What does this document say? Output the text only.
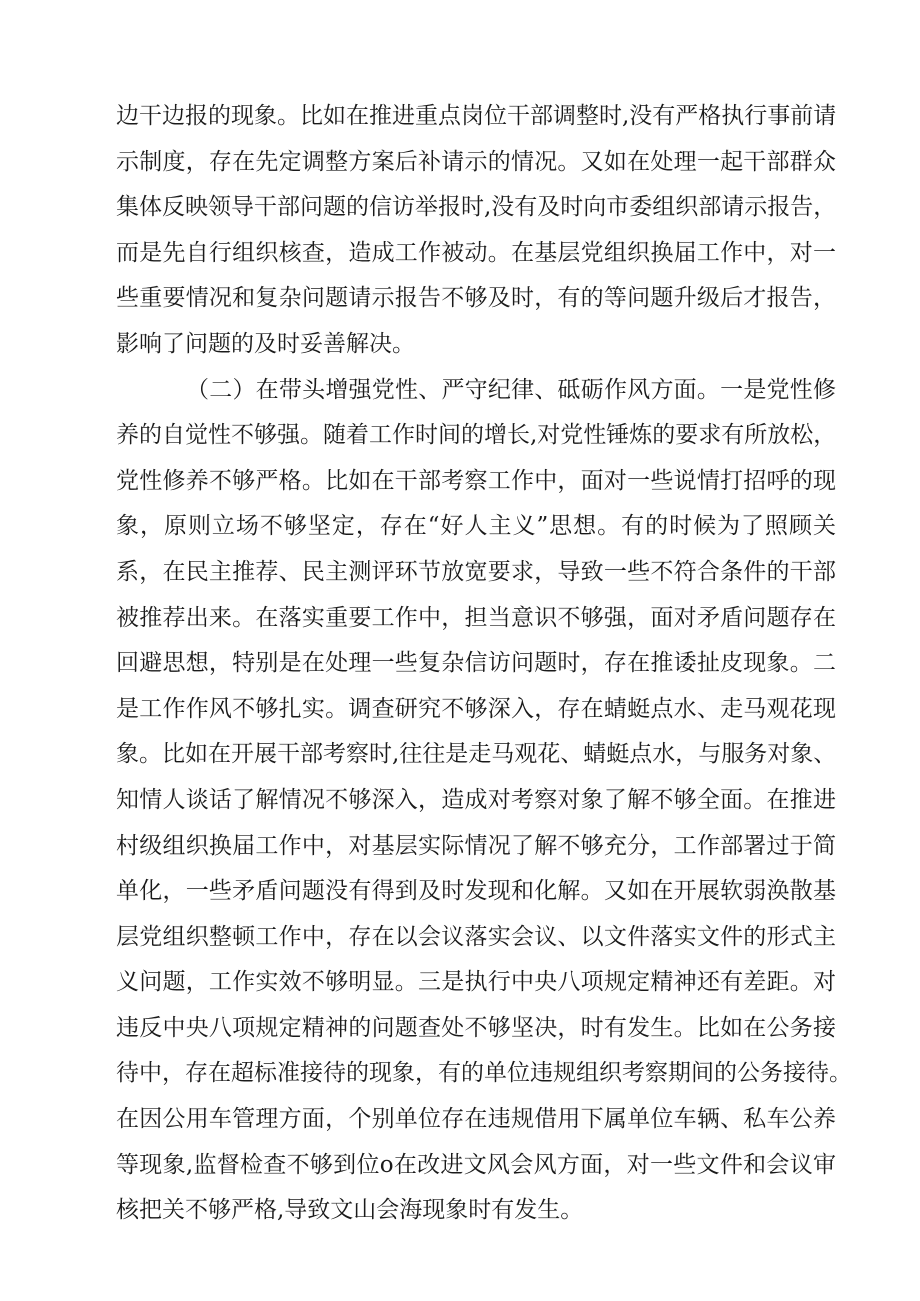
边干边报的现象。比如在推进重点岗位干部调整时,没有严格执行事前请
示制度，存在先定调整方案后补请示的情况。又如在处理一起干部群众
集体反映领导干部问题的信访举报时,没有及时向市委组织部请示报告，
而是先自行组织核查，造成工作被动。在基层党组织换届工作中，对一
些重要情况和复杂问题请示报告不够及时，有的等问题升级后才报告，
影响了问题的及时妥善解决。
（二）在带头增强党性、严守纪律、砥砺作风方面。一是党性修
养的自觉性不够强。随着工作时间的增长,对党性锤炼的要求有所放松，
党性修养不够严格。比如在干部考察工作中，面对一些说情打招呼的现
象，原则立场不够坚定，存在“好人主义”思想。有的时候为了照顾关
系，在民主推荐、民主测评环节放宽要求，导致一些不符合条件的干部
被推荐出来。在落实重要工作中，担当意识不够强，面对矛盾问题存在
回避思想，特别是在处理一些复杂信访问题时，存在推诿扯皮现象。二
是工作作风不够扎实。调查研究不够深入，存在蜻蜓点水、走马观花现
象。比如在开展干部考察时,往往是走马观花、蜻蜓点水，与服务对象、
知情人谈话了解情况不够深入，造成对考察对象了解不够全面。在推进
村级组织换届工作中，对基层实际情况了解不够充分，工作部署过于简
单化，一些矛盾问题没有得到及时发现和化解。又如在开展软弱涣散基
层党组织整顿工作中，存在以会议落实会议、以文件落实文件的形式主
义问题，工作实效不够明显。三是执行中央八项规定精神还有差距。对
违反中央八项规定精神的问题查处不够坚决，时有发生。比如在公务接
待中，存在超标准接待的现象，有的单位违规组织考察期间的公务接待。
在因公用车管理方面，个别单位存在违规借用下属单位车辆、私车公养
等现象,监督检查不够到位o在改进文风会风方面，对一些文件和会议审
核把关不够严格,导致文山会海现象时有发生。
